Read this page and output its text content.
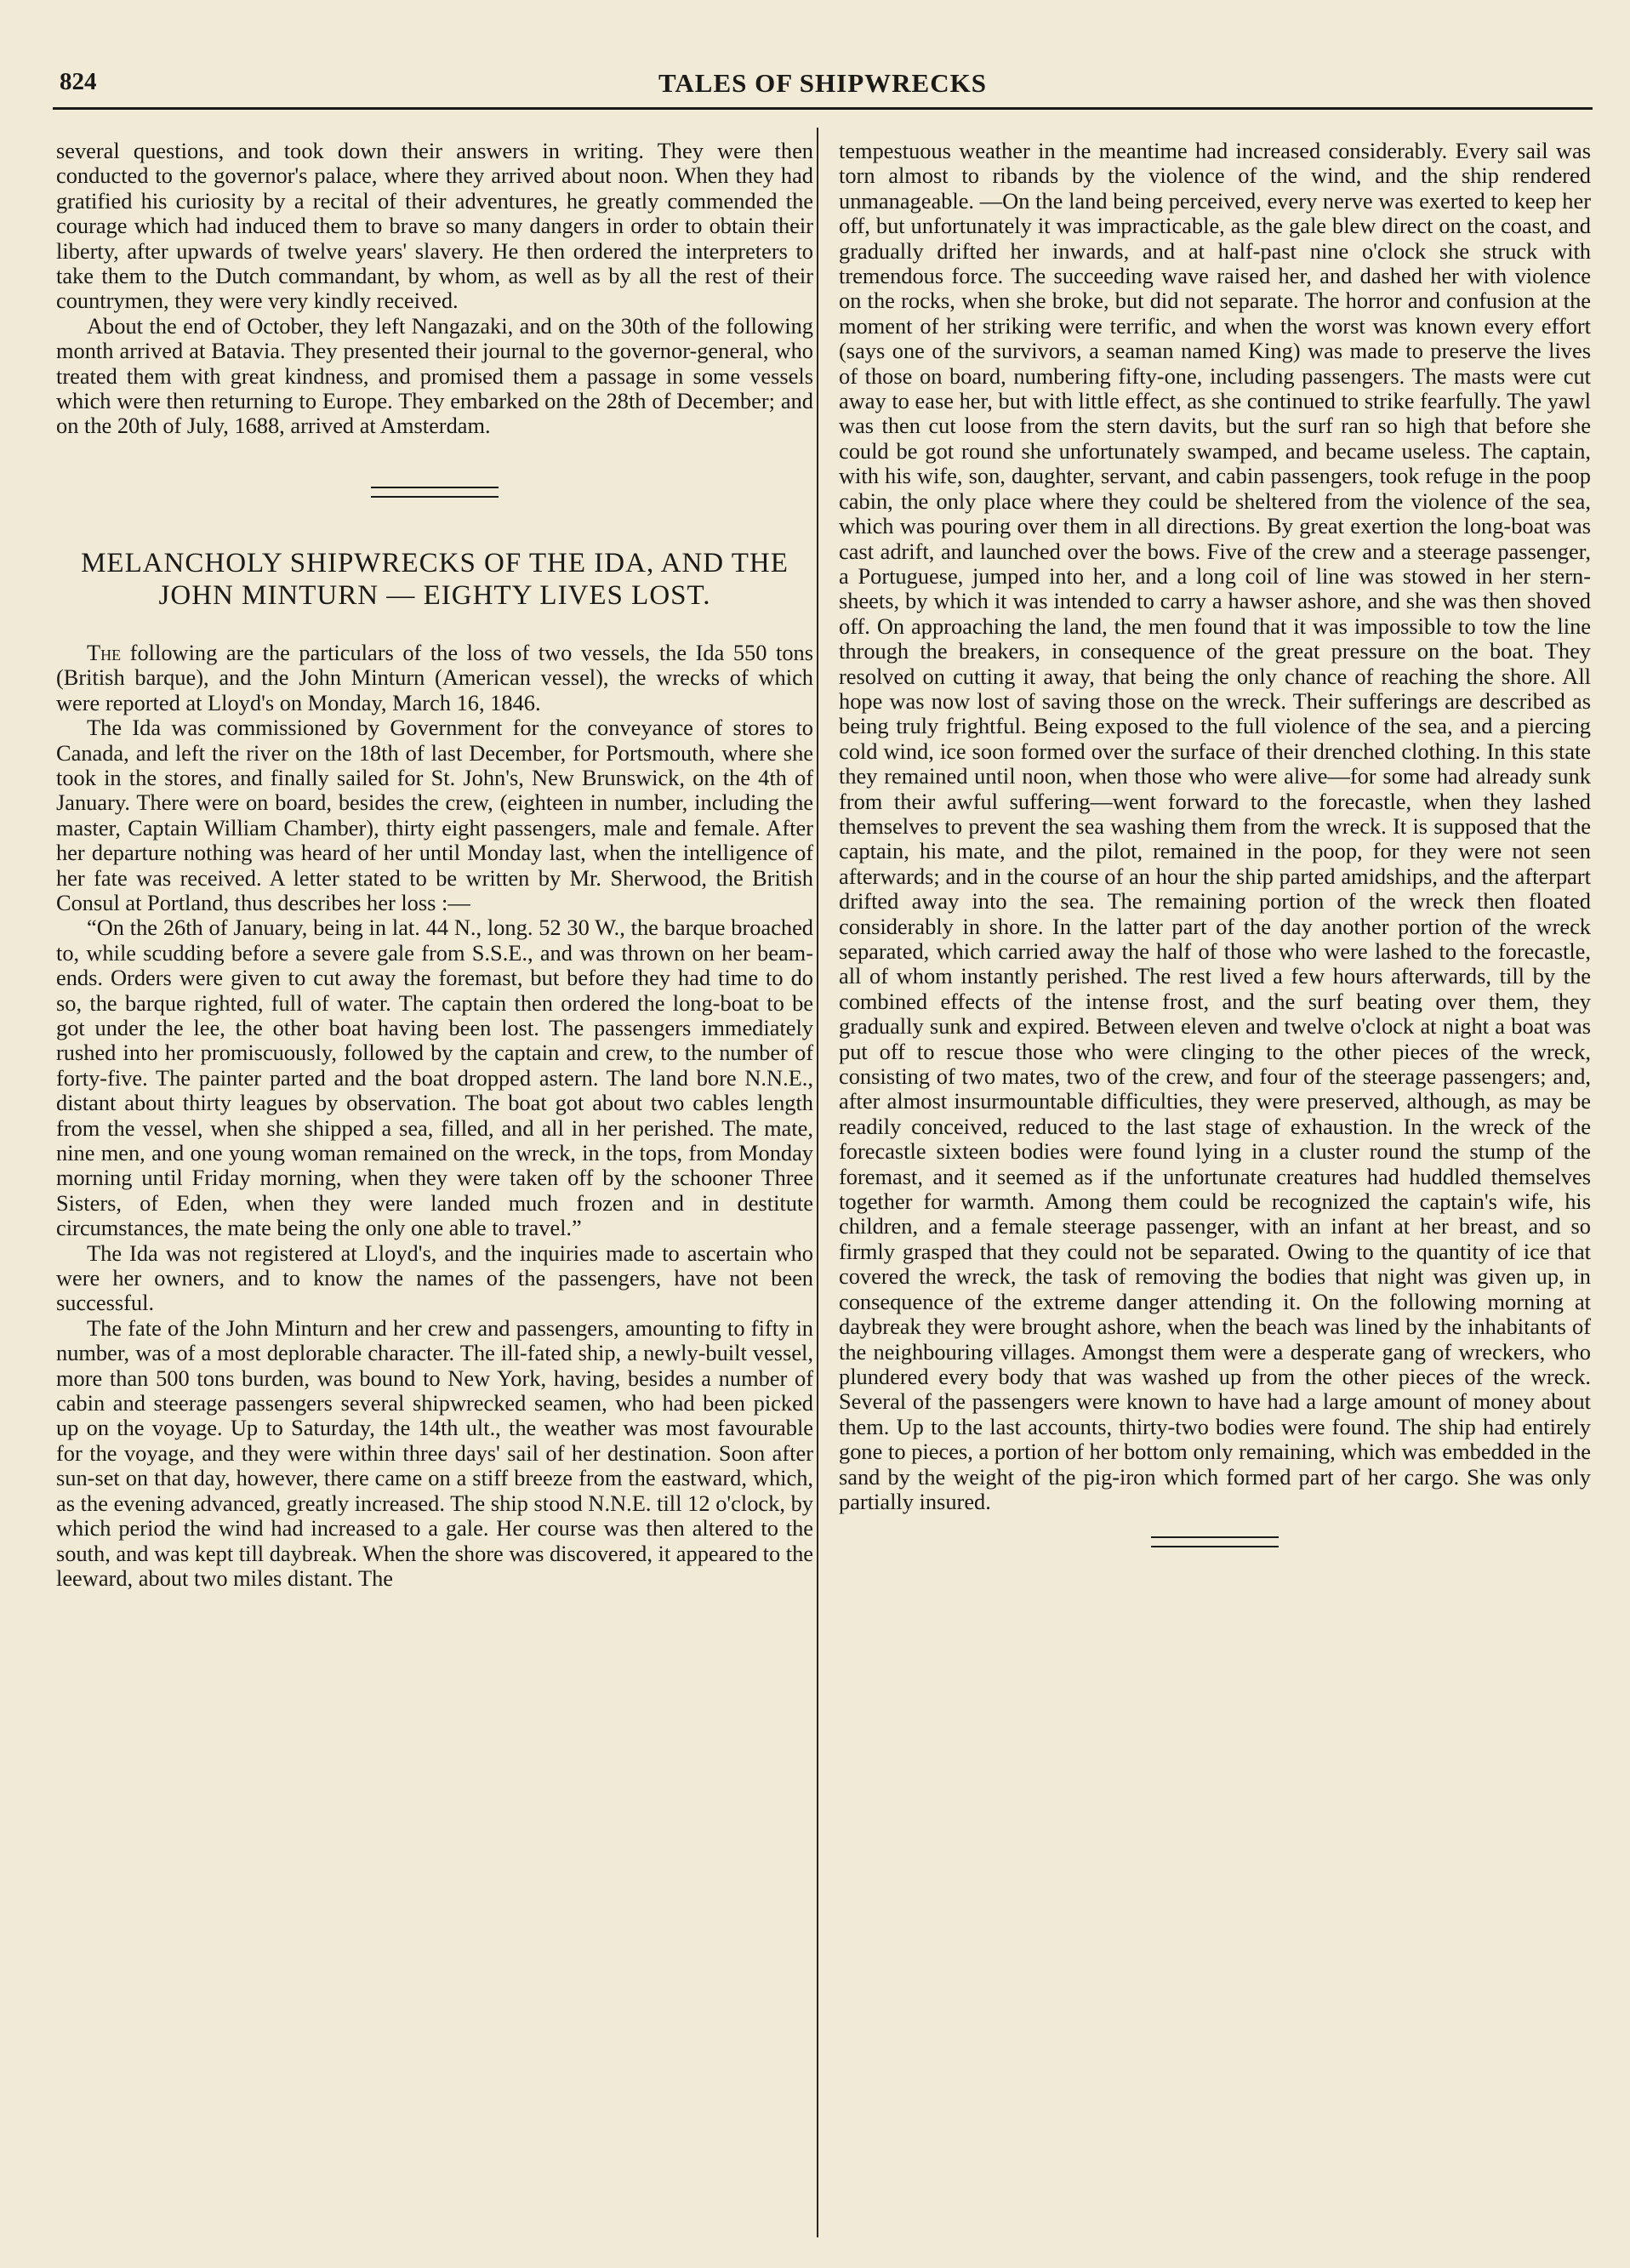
824	TALES OF SHIPWRECKS

several questions, and took down their answers in writing. They were then conducted to the governor's palace, where they arrived about noon. When they had gratified his curiosity by a recital of their adventures, he greatly commended the courage which had induced them to brave so many dangers in order to obtain their liberty, after upwards of twelve years' slavery. He then ordered the interpreters to take them to the Dutch commandant, by whom, as well as by all the rest of their countrymen, they were very kindly received.

About the end of October, they left Nangazaki, and on the 30th of the following month arrived at Batavia. They presented their journal to the governor-general, who treated them with great kindness, and promised them a passage in some vessels which were then returning to Europe. They embarked on the 28th of December; and on the 20th of July, 1688, arrived at Amsterdam.

MELANCHOLY SHIPWRECKS OF THE IDA, AND THE JOHN MINTURN — EIGHTY LIVES LOST.

The following are the particulars of the loss of two vessels, the Ida 550 tons (British barque), and the John Minturn (American vessel), the wrecks of which were reported at Lloyd's on Monday, March 16, 1846.

The Ida was commissioned by Government for the conveyance of stores to Canada, and left the river on the 18th of last December, for Portsmouth, where she took in the stores, and finally sailed for St. John's, New Brunswick, on the 4th of January. There were on board, besides the crew, (eighteen in number, including the master, Captain William Chamber), thirty eight passengers, male and female. After her departure nothing was heard of her until Monday last, when the intelligence of her fate was received. A letter stated to be written by Mr. Sherwood, the British Consul at Portland, thus describes her loss :—

“On the 26th of January, being in lat. 44 N., long. 52 30 W., the barque broached to, while scudding before a severe gale from S.S.E., and was thrown on her beam-ends. Orders were given to cut away the foremast, but before they had time to do so, the barque righted, full of water. The captain then ordered the long-boat to be got under the lee, the other boat having been lost. The passengers immediately rushed into her promiscuously, followed by the captain and crew, to the number of forty-five. The painter parted and the boat dropped astern. The land bore N.N.E., distant about thirty leagues by observation. The boat got about two cables length from the vessel, when she shipped a sea, filled, and all in her perished. The mate, nine men, and one young woman remained on the wreck, in the tops, from Monday morning until Friday morning, when they were taken off by the schooner Three Sisters, of Eden, when they were landed much frozen and in destitute circumstances, the mate being the only one able to travel.”

The Ida was not registered at Lloyd's, and the inquiries made to ascertain who were her owners, and to know the names of the passengers, have not been successful.

The fate of the John Minturn and her crew and passengers, amounting to fifty in number, was of a most deplorable character. The ill-fated ship, a newly-built vessel, more than 500 tons burden, was bound to New York, having, besides a number of cabin and steerage passengers several shipwrecked seamen, who had been picked up on the voyage. Up to Saturday, the 14th ult., the weather was most favourable for the voyage, and they were within three days' sail of her destination. Soon after sun-set on that day, however, there came on a stiff breeze from the eastward, which, as the evening advanced, greatly increased. The ship stood N.N.E. till 12 o'clock, by which period the wind had increased to a gale. Her course was then altered to the south, and was kept till daybreak. When the shore was discovered, it appeared to the leeward, about two miles distant. The

tempestuous weather in the meantime had increased considerably. Every sail was torn almost to ribands by the violence of the wind, and the ship rendered unmanageable. —On the land being perceived, every nerve was exerted to keep her off, but unfortunately it was impracticable, as the gale blew direct on the coast, and gradually drifted her inwards, and at half-past nine o'clock she struck with tremendous force. The succeeding wave raised her, and dashed her with violence on the rocks, when she broke, but did not separate. The horror and confusion at the moment of her striking were terrific, and when the worst was known every effort (says one of the survivors, a seaman named King) was made to preserve the lives of those on board, numbering fifty-one, including passengers. The masts were cut away to ease her, but with little effect, as she continued to strike fearfully. The yawl was then cut loose from the stern davits, but the surf ran so high that before she could be got round she unfortunately swamped, and became useless. The captain, with his wife, son, daughter, servant, and cabin passengers, took refuge in the poop cabin, the only place where they could be sheltered from the violence of the sea, which was pouring over them in all directions. By great exertion the long-boat was cast adrift, and launched over the bows. Five of the crew and a steerage passenger, a Portuguese, jumped into her, and a long coil of line was stowed in her stern-sheets, by which it was intended to carry a hawser ashore, and she was then shoved off. On approaching the land, the men found that it was impossible to tow the line through the breakers, in consequence of the great pressure on the boat. They resolved on cutting it away, that being the only chance of reaching the shore. All hope was now lost of saving those on the wreck. Their sufferings are described as being truly frightful. Being exposed to the full violence of the sea, and a piercing cold wind, ice soon formed over the surface of their drenched clothing. In this state they remained until noon, when those who were alive—for some had already sunk from their awful suffering—went forward to the forecastle, when they lashed themselves to prevent the sea washing them from the wreck. It is supposed that the captain, his mate, and the pilot, remained in the poop, for they were not seen afterwards; and in the course of an hour the ship parted amidships, and the afterpart drifted away into the sea. The remaining portion of the wreck then floated considerably in shore. In the latter part of the day another portion of the wreck separated, which carried away the half of those who were lashed to the forecastle, all of whom instantly perished. The rest lived a few hours afterwards, till by the combined effects of the intense frost, and the surf beating over them, they gradually sunk and expired. Between eleven and twelve o'clock at night a boat was put off to rescue those who were clinging to the other pieces of the wreck, consisting of two mates, two of the crew, and four of the steerage passengers; and, after almost insurmountable difficulties, they were preserved, although, as may be readily conceived, reduced to the last stage of exhaustion. In the wreck of the forecastle sixteen bodies were found lying in a cluster round the stump of the foremast, and it seemed as if the unfortunate creatures had huddled themselves together for warmth. Among them could be recognized the captain's wife, his children, and a female steerage passenger, with an infant at her breast, and so firmly grasped that they could not be separated. Owing to the quantity of ice that covered the wreck, the task of removing the bodies that night was given up, in consequence of the extreme danger attending it. On the following morning at daybreak they were brought ashore, when the beach was lined by the inhabitants of the neighbouring villages. Amongst them were a desperate gang of wreckers, who plundered every body that was washed up from the other pieces of the wreck. Several of the passengers were known to have had a large amount of money about them. Up to the last accounts, thirty-two bodies were found. The ship had entirely gone to pieces, a portion of her bottom only remaining, which was embedded in the sand by the weight of the pig-iron which formed part of her cargo. She was only partially insured.
